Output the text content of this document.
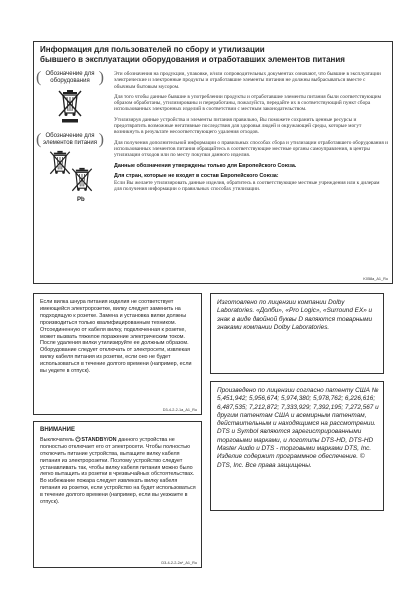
Информация для пользователей по сбору и утилизации
бывшего в эксплуатации оборудования и отработавших элементов питания
( Обозначение для оборудования )
( Обозначение для элементов питания )
Pb

Эти обозначения на продукции, упаковке, и/или сопроводительных документах означают, что бывшие в эксплуатации электрические и электронные продукты и отработавшие элементы питания не должны выбрасываться вместе с обычным бытовым мусором.

Для того чтобы данные бывшие в употреблении продукты и отработавшие элементы питания были соответствующим образом обработаны, утилизированы и переработаны, пожалуйста, передайте их в соответствующий пункт сбора использованных электронных изделий в соответствии с местным законодательством.

Утилизируя данные устройства и элементы питания правильно, Вы поможете сохранить ценные ресурсы и предотвратить возможные негативные последствия для здоровья людей и окружающей среды, которые могут возникнуть в результате несоответствующего удаления отходов.

Для получения дополнительной информации о правильных способах сбора и утилизации отработавшего оборудования и использованных элементов питания обращайтесь в соответствующие местные органы самоуправления, в центры утилизации отходов или по месту покупки данного изделия.

Данные обозначения утверждены только для Европейского Союза.
Для стран, которые не входят в состав Европейского Союза:

Если Вы желаете утилизировать данные изделия, обратитесь в соответствующие местные учреждения или к дилерам для получения информации о правильных способах утилизации.

K058a_A1_Ru
Если вилка шнура питания изделия не соответствует имеющейся электророзетке, вилку следует заменить на подходящую к розетке. Замена и установка вилки должны производиться только квалифицированным техником. Отсоединенную от кабеля вилку, подключенная к розетке, может вызвать тяжелое поражение электрическим током. После удаления вилки утилизируйте ее должным образом. Оборудование следует отключать от электросети, извлекая вилку кабеля питания из розетки, если оно не будет использоваться в течение долгого времени (например, если вы уедете в отпуск).
D3-4-2-2-1a_A1_Ru
ВНИМАНИЕ
Выключатель STANDBY/ON данного устройства не полностью отключает его от электросети. Чтобы полностью отключить питание устройства, вытащите вилку кабеля питания из электророзетки. Поэтому устройство следует устанавливать так, чтобы вилку кабеля питания можно было легко вытащить из розетки в чрезвычайных обстоятельствах. Во избежание пожара следует извлекать вилку кабеля питания из розетки, если устройство на будет использоваться в течение долгого времени (например, если вы уезжаете в отпуск).
D3-4-2-2-2a*_A1_Ru
Изготовлено по лицензии компании Dolby Laboratories. «Долби», «Pro Logic», «Surround EX» и знак в виде двойной буквы D являются товарными знаками компании Dolby Laboratories.
Произведено по лицензии согласно патенту США № 5,451,942; 5,956,674; 5,974,380; 5,978,762; 6,226,616; 6,487,535; 7,212,872; 7,333,929; 7,392,195; 7,272,567 и другим патентам США и всемирным патентам, действительным и находящимся на рассмотрении. DTS и Symbol являются зарегистрированными торговыми марками, и логотипы DTS-HD, DTS-HD Master Audio и DTS - торговыми марками DTS, Inc. Изделие содержит программное обеспечение. © DTS, Inc. Все права защищены.
